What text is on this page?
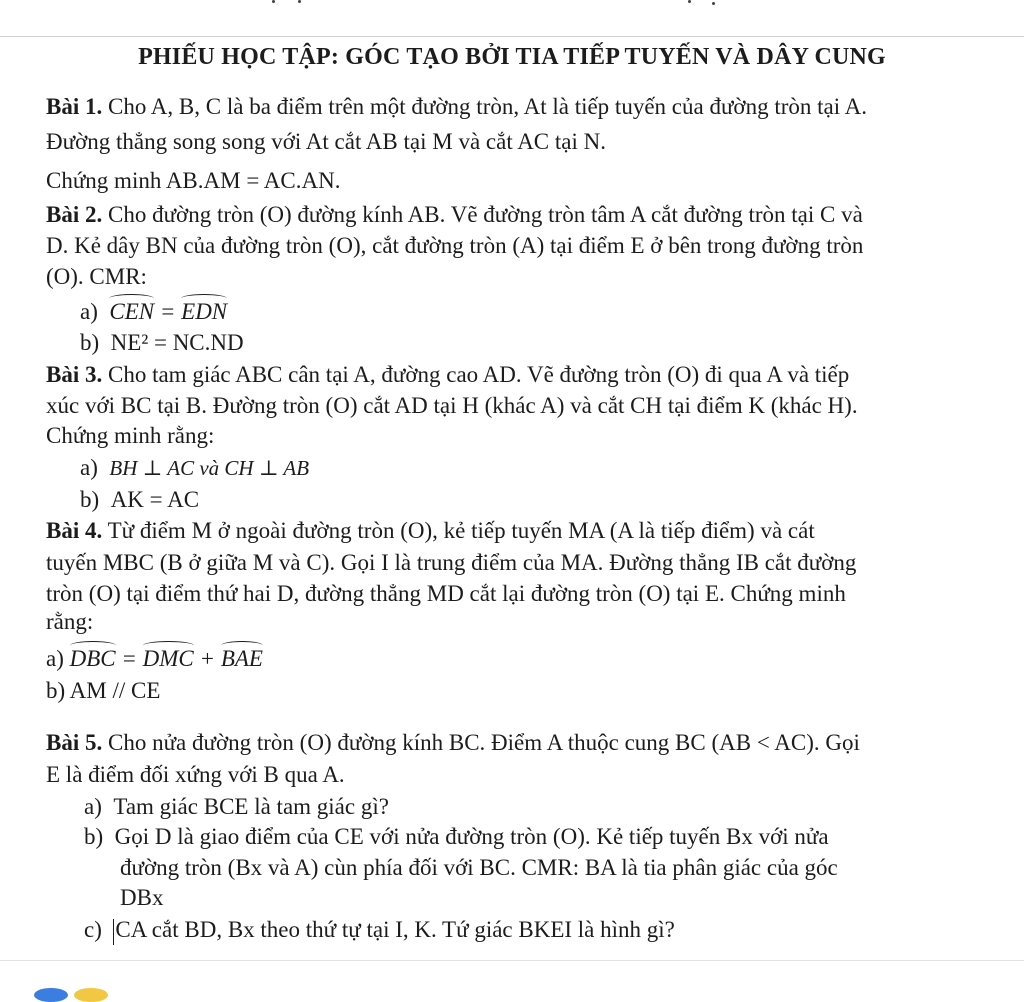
PHIẾU HỌC TẬP: GÓC TẠO BỞI TIA TIẾP TUYẾN VÀ DÂY CUNG
Bài 1. Cho A, B, C là ba điểm trên một đường tròn, At là tiếp tuyến của đường tròn tại A.
Đường thẳng song song với At cắt AB tại M và cắt AC tại N.
Chứng minh AB.AM = AC.AN.
Bài 2. Cho đường tròn (O) đường kính AB. Vẽ đường tròn tâm A cắt đường tròn tại C và
D. Kẻ dây BN của đường tròn (O), cắt đường tròn (A) tại điểm E ở bên trong đường tròn
(O). CMR:
a) CEN = EDN
b) NE² = NC.ND
Bài 3. Cho tam giác ABC cân tại A, đường cao AD. Vẽ đường tròn (O) đi qua A và tiếp
xúc với BC tại B. Đường tròn (O) cắt AD tại H (khác A) và cắt CH tại điểm K (khác H).
Chứng minh rằng:
a) BH ⊥ AC và CH ⊥ AB
b) AK = AC
Bài 4. Từ điểm M ở ngoài đường tròn (O), kẻ tiếp tuyến MA (A là tiếp điểm) và cát
tuyến MBC (B ở giữa M và C). Gọi I là trung điểm của MA. Đường thẳng IB cắt đường
tròn (O) tại điểm thứ hai D, đường thẳng MD cắt lại đường tròn (O) tại E. Chứng minh
rằng:
a) DBC = DMC + BAE
b) AM // CE
Bài 5. Cho nửa đường tròn (O) đường kính BC. Điểm A thuộc cung BC (AB < AC). Gọi
E là điểm đối xứng với B qua A.
a) Tam giác BCE là tam giác gì?
b) Gọi D là giao điểm của CE với nửa đường tròn (O). Kẻ tiếp tuyến Bx với nửa
đường tròn (Bx và A) cùn phía đối với BC. CMR: BA là tia phân giác của góc
DBx
c) CA cắt BD, Bx theo thứ tự tại I, K. Tứ giác BKEI là hình gì?
